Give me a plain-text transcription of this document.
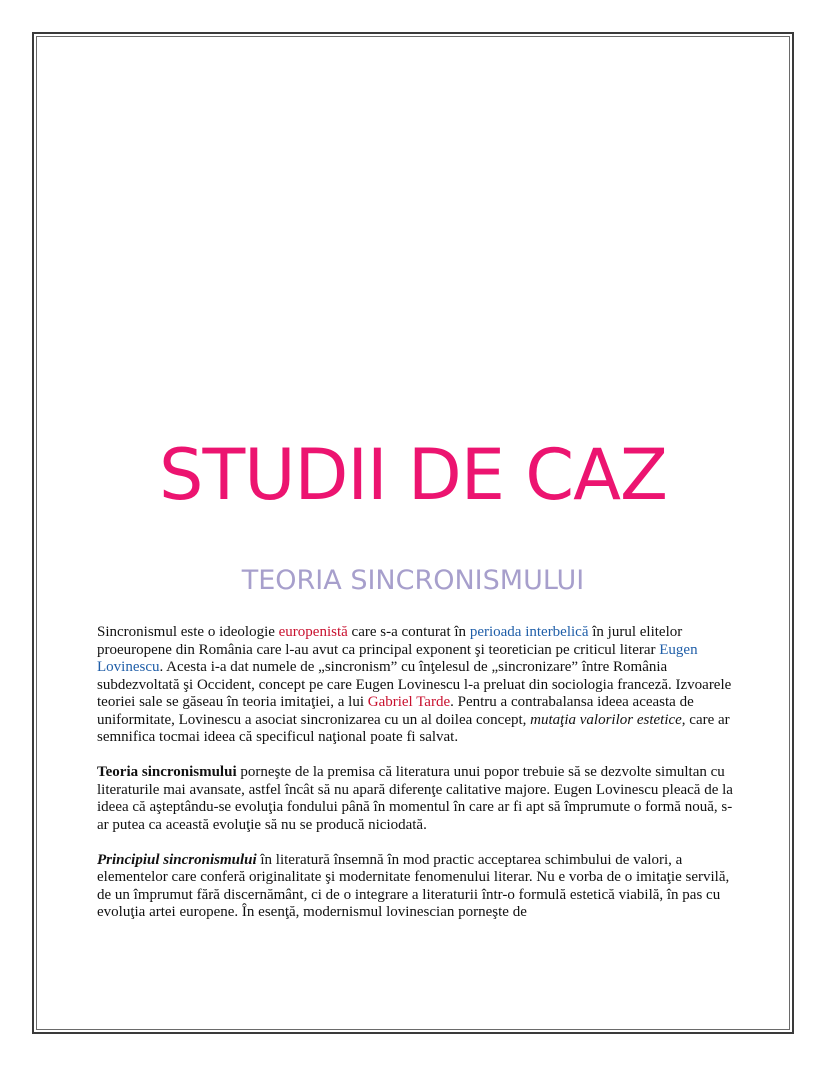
STUDII DE CAZ
TEORIA SINCRONISMULUI

Sincronismul este o ideologie europenistă care s-a conturat în perioada interbelică în jurul elitelor proeuropene din România care l-au avut ca principal exponent şi teoretician pe criticul literar Eugen Lovinescu. Acesta i-a dat numele de „sincronism” cu înţelesul de „sincronizare” între România subdezvoltată şi Occident, concept pe care Eugen Lovinescu l-a preluat din sociologia franceză. Izvoarele teoriei sale se găseau în teoria imitaţiei, a lui Gabriel Tarde. Pentru a contrabalansa ideea aceasta de uniformitate, Lovinescu a asociat sincronizarea cu un al doilea concept, mutaţia valorilor estetice, care ar semnifica tocmai ideea că specificul naţional poate fi salvat.

Teoria sincronismului porneşte de la premisa că literatura unui popor trebuie să se dezvolte simultan cu literaturile mai avansate, astfel încât să nu apară diferenţe calitative majore. Eugen Lovinescu pleacă de la ideea că aşteptându-se evoluţia fondului până în momentul în care ar fi apt să împrumute o formă nouă, s-ar putea ca această evoluţie să nu se producă niciodată.

Principiul sincronismului în literatură însemnă în mod practic acceptarea schimbului de valori, a elementelor care conferă originalitate şi modernitate fenomenului literar. Nu e vorba de o imitaţie servilă, de un împrumut fără discernământ, ci de o integrare a literaturii într-o formulă estetică viabilă, în pas cu evoluţia artei europene. În esenţă, modernismul lovinescian porneşte de
